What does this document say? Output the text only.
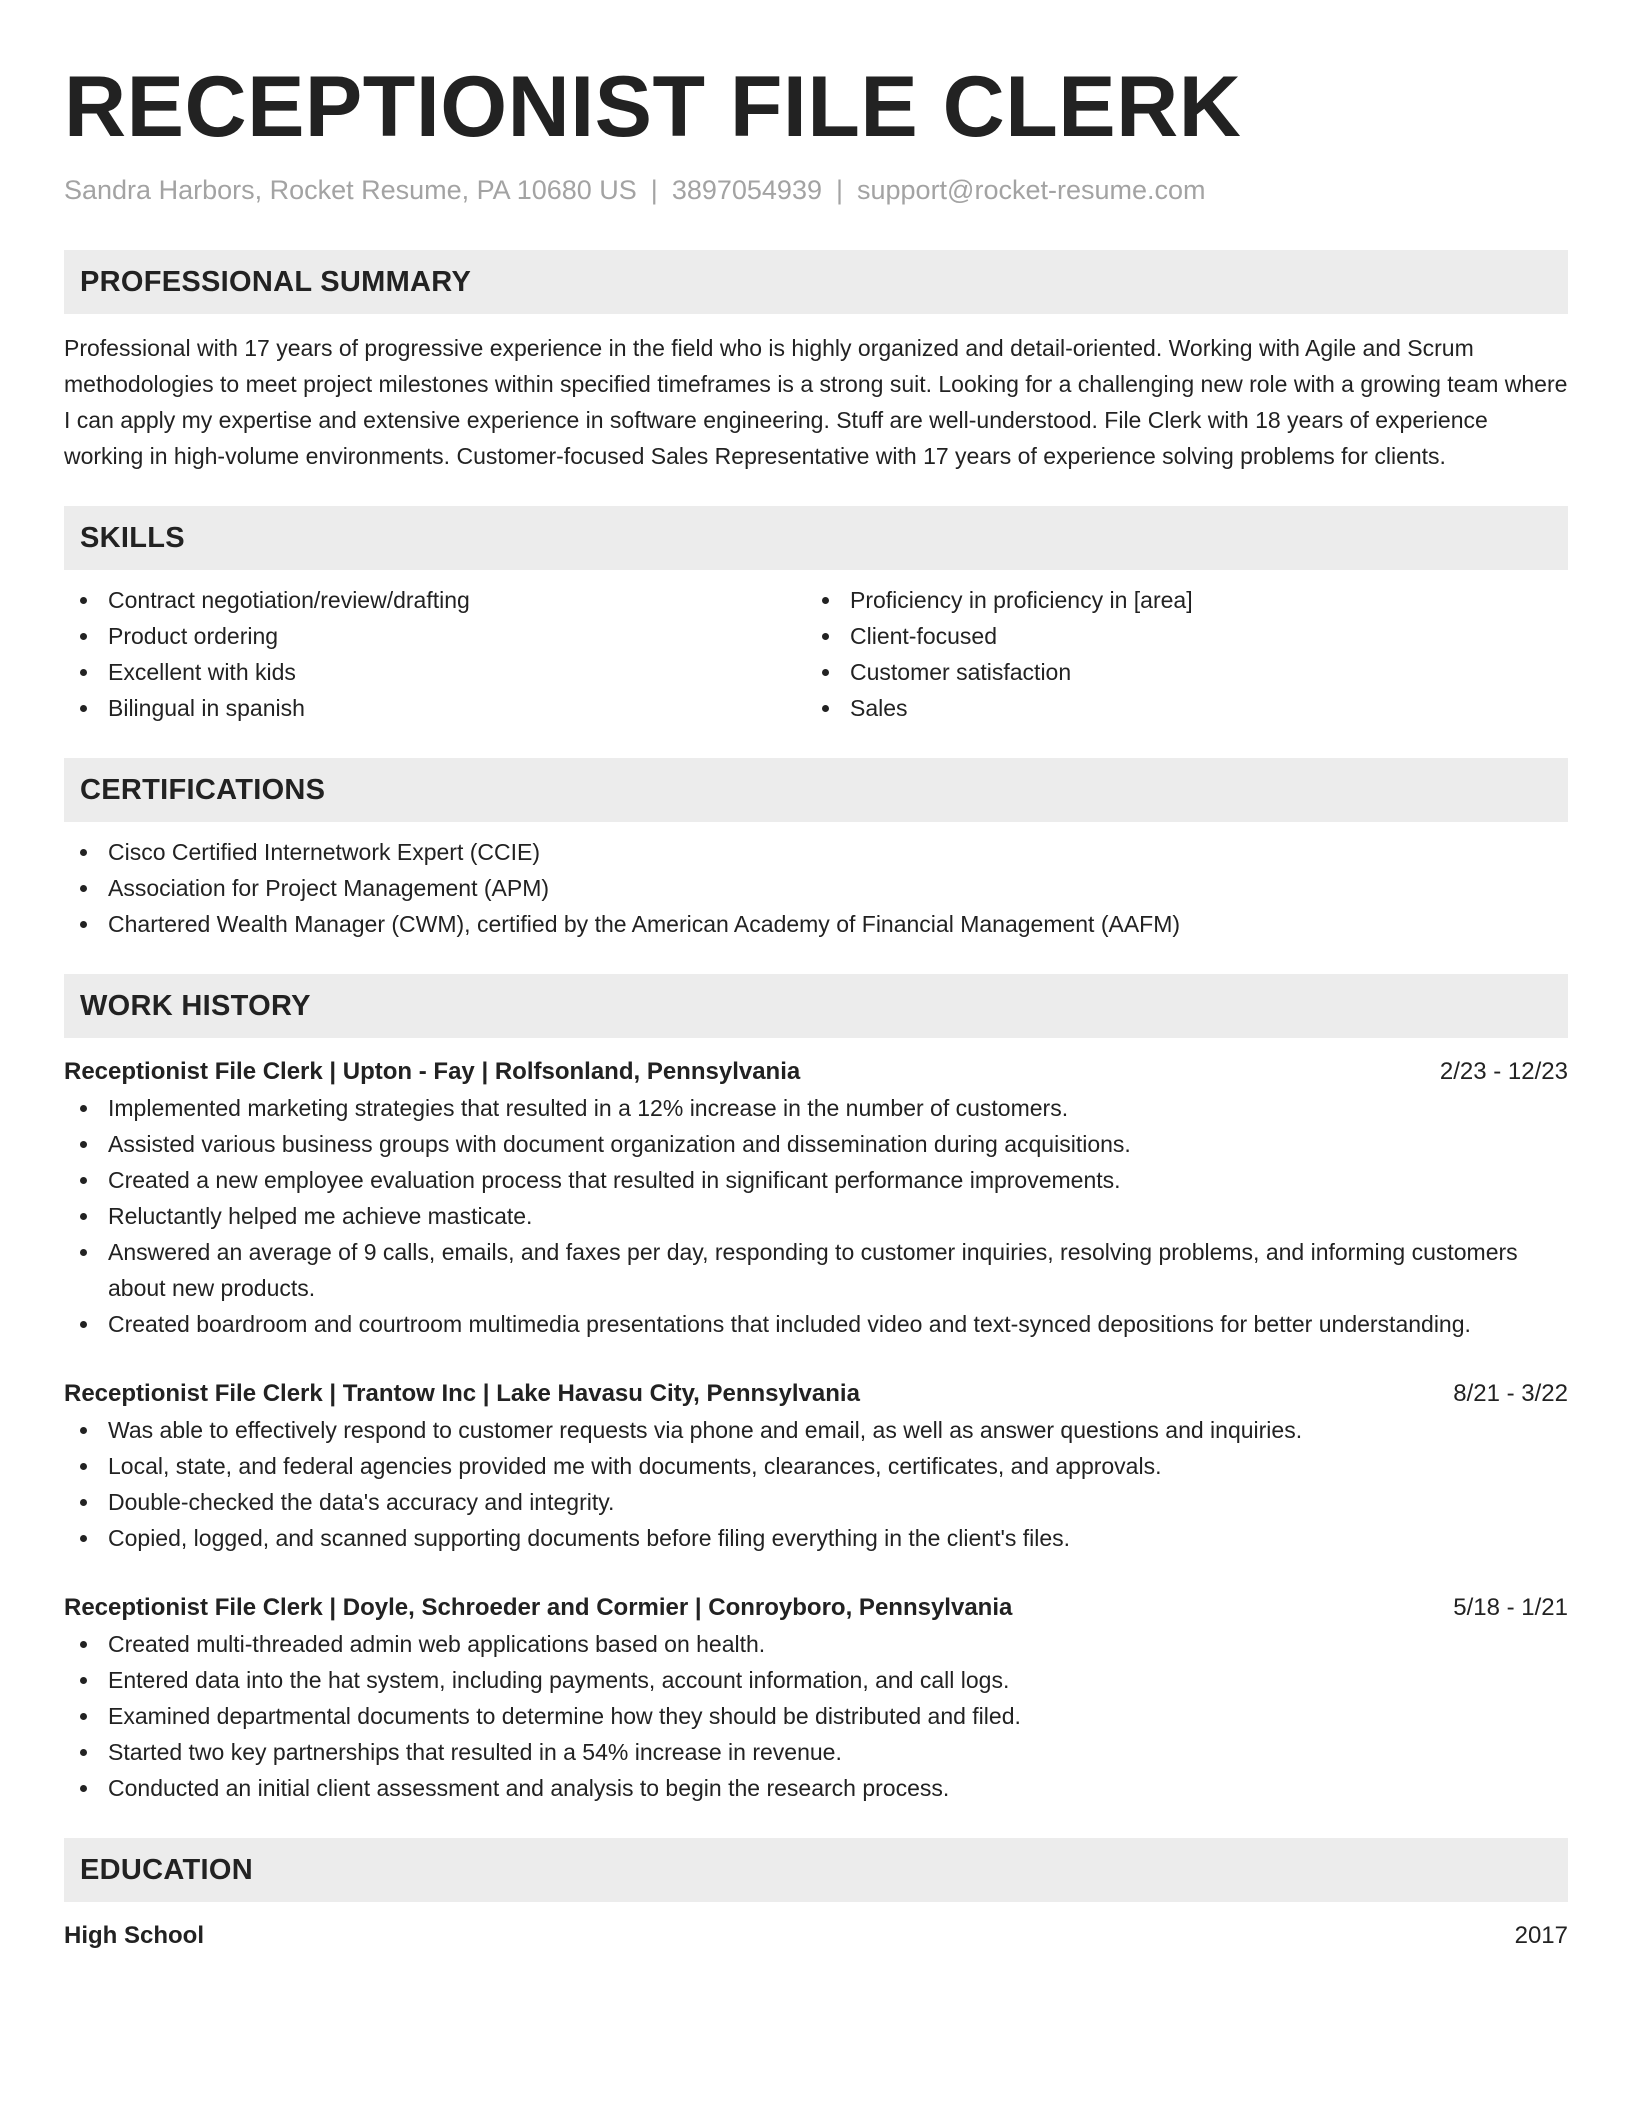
RECEPTIONIST FILE CLERK
Sandra Harbors, Rocket Resume, PA 10680 US | 3897054939 | support@rocket-resume.com
PROFESSIONAL SUMMARY

Professional with 17 years of progressive experience in the field who is highly organized and detail-oriented. Working with Agile and Scrum methodologies to meet project milestones within specified timeframes is a strong suit. Looking for a challenging new role with a growing team where I can apply my expertise and extensive experience in software engineering. Stuff are well-understood. File Clerk with 18 years of experience working in high-volume environments. Customer-focused Sales Representative with 17 years of experience solving problems for clients.

SKILLS
Contract negotiation/review/drafting
Product ordering
Excellent with kids
Bilingual in spanish
Proficiency in proficiency in [area]
Client-focused
Customer satisfaction
Sales
CERTIFICATIONS
Cisco Certified Internetwork Expert (CCIE)
Association for Project Management (APM)
Chartered Wealth Manager (CWM), certified by the American Academy of Financial Management (AAFM)
WORK HISTORY
Receptionist File Clerk | Upton - Fay | Rolfsonland, Pennsylvania	2/23 - 12/23
Implemented marketing strategies that resulted in a 12% increase in the number of customers.
Assisted various business groups with document organization and dissemination during acquisitions.
Created a new employee evaluation process that resulted in significant performance improvements.
Reluctantly helped me achieve masticate.
Answered an average of 9 calls, emails, and faxes per day, responding to customer inquiries, resolving problems, and informing customers about new products.
Created boardroom and courtroom multimedia presentations that included video and text-synced depositions for better understanding.
Receptionist File Clerk | Trantow Inc | Lake Havasu City, Pennsylvania	8/21 - 3/22
Was able to effectively respond to customer requests via phone and email, as well as answer questions and inquiries.
Local, state, and federal agencies provided me with documents, clearances, certificates, and approvals.
Double-checked the data's accuracy and integrity.
Copied, logged, and scanned supporting documents before filing everything in the client's files.
Receptionist File Clerk | Doyle, Schroeder and Cormier | Conroyboro, Pennsylvania	5/18 - 1/21
Created multi-threaded admin web applications based on health.
Entered data into the hat system, including payments, account information, and call logs.
Examined departmental documents to determine how they should be distributed and filed.
Started two key partnerships that resulted in a 54% increase in revenue.
Conducted an initial client assessment and analysis to begin the research process.
EDUCATION
High School	2017
